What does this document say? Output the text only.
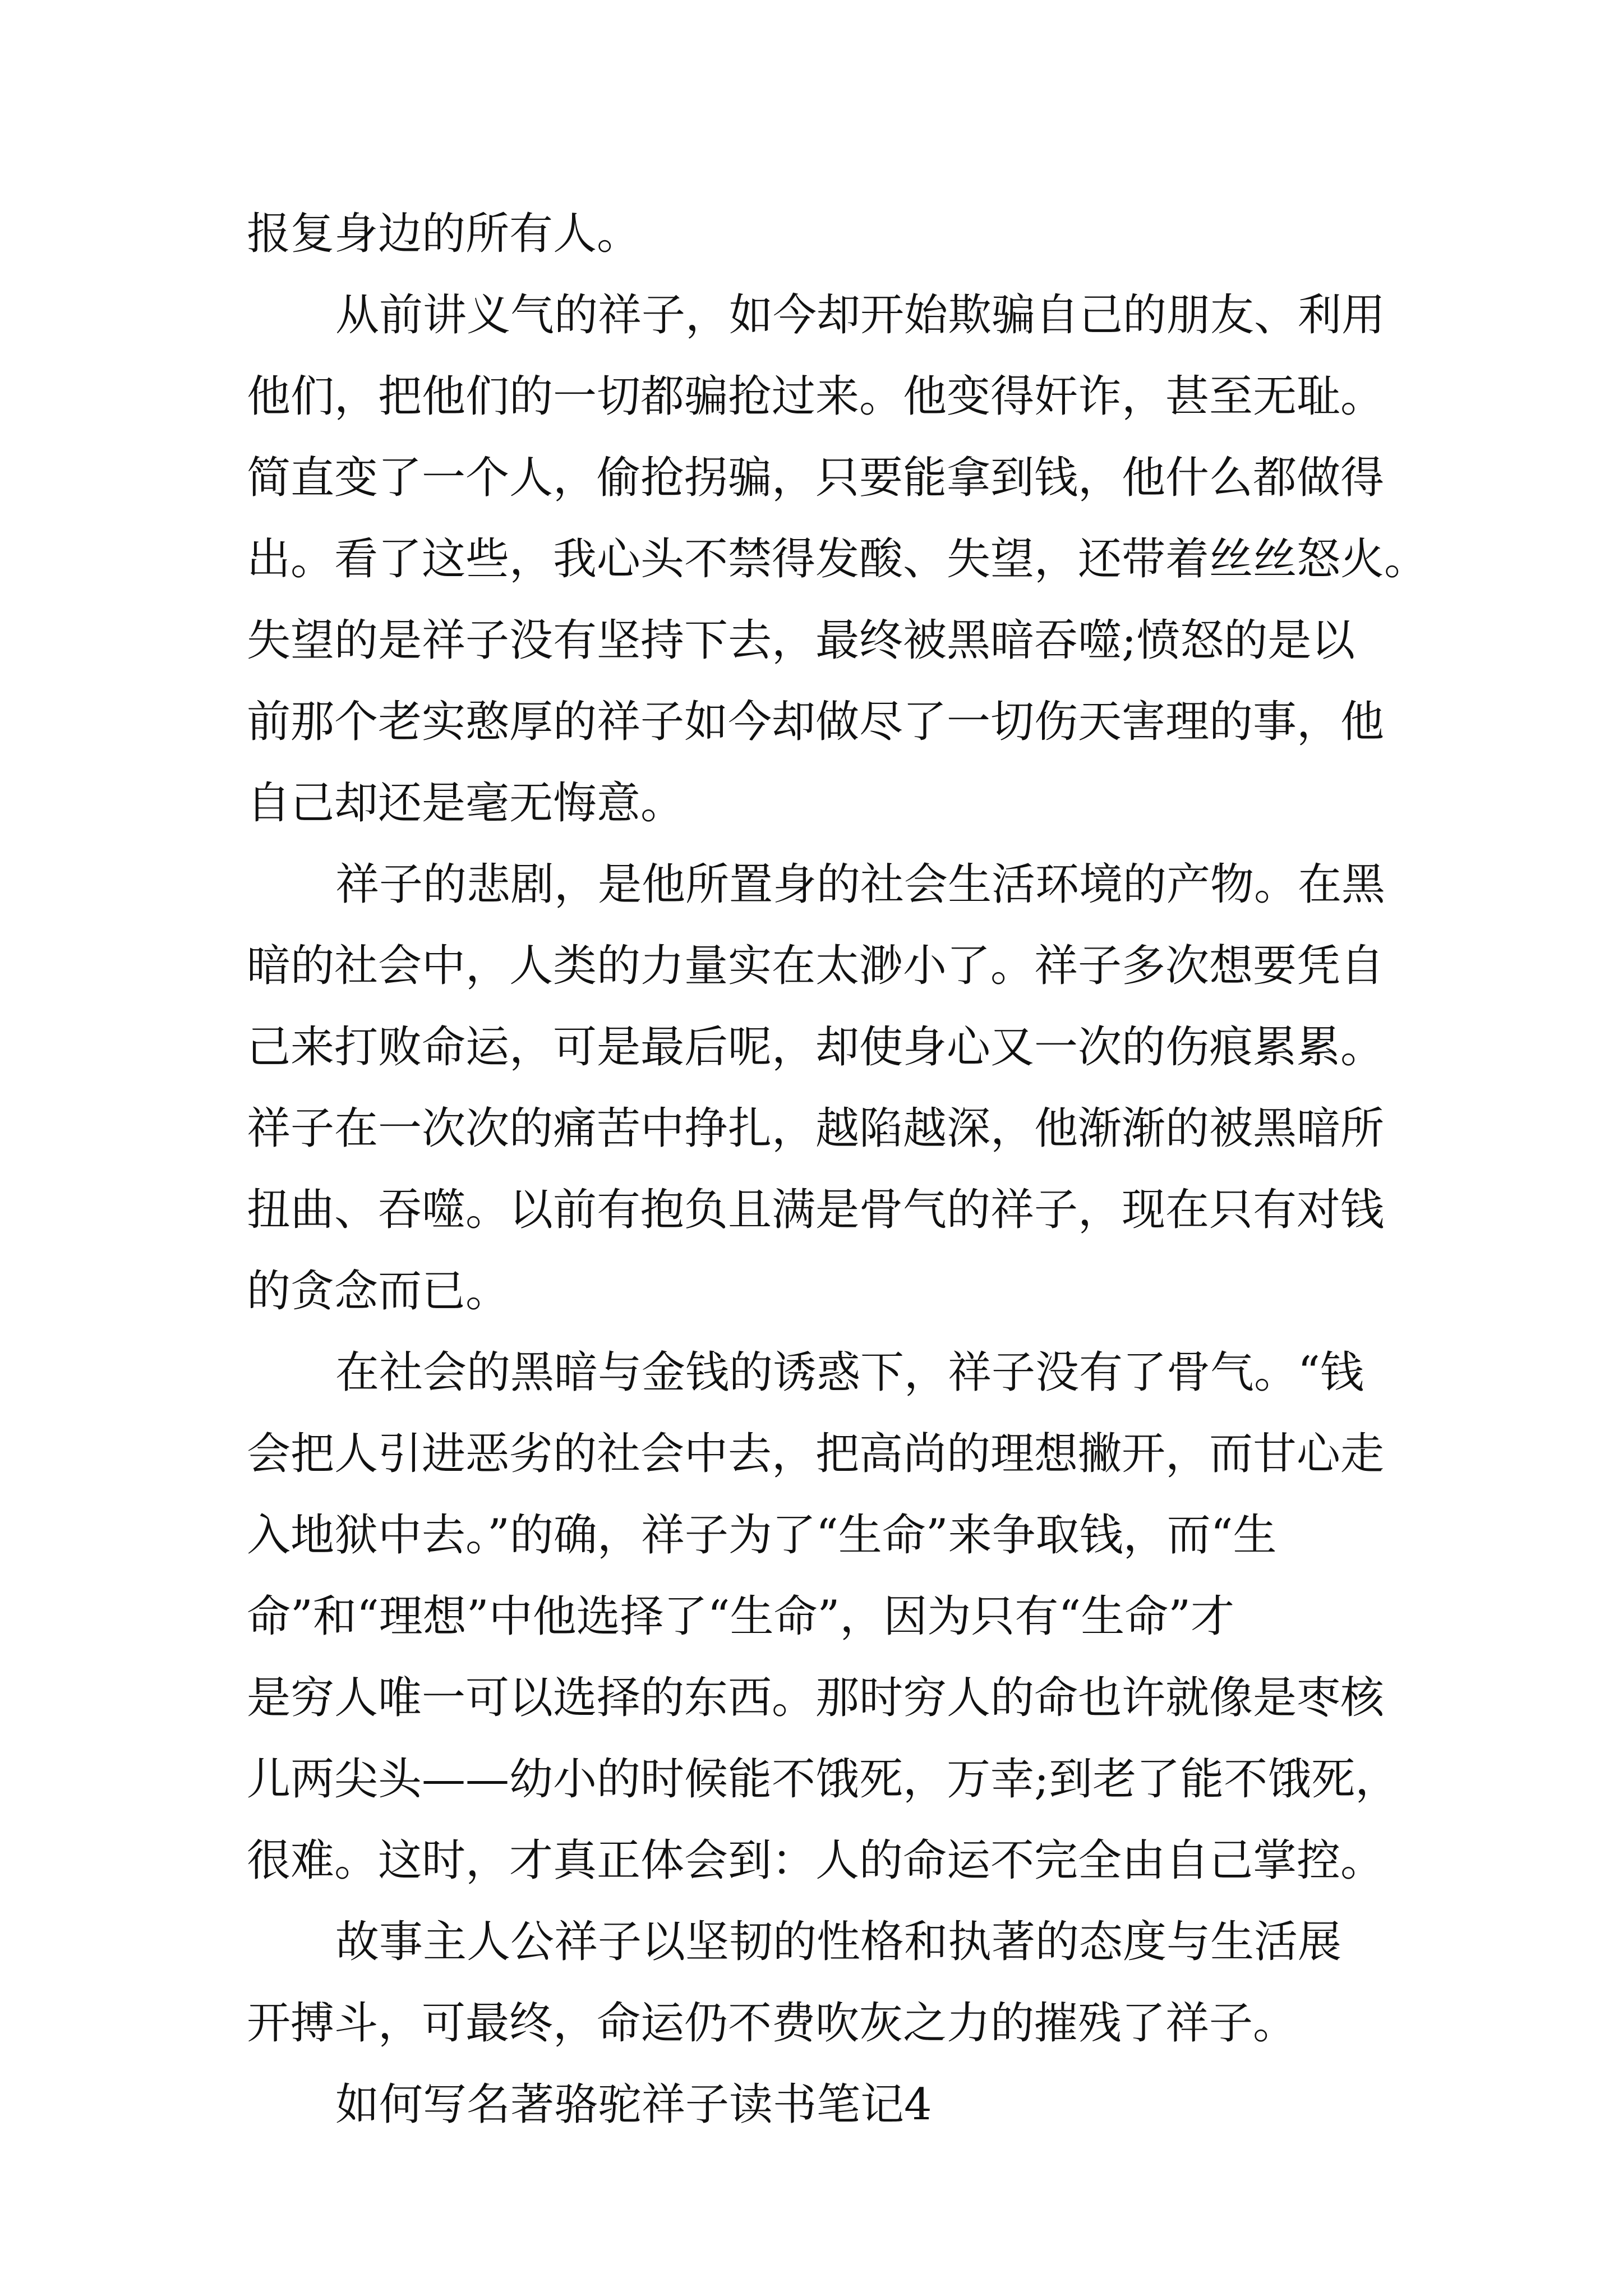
报复身边的所有人。
从前讲义气的祥子，如今却开始欺骗自己的朋友、利用
他们，把他们的一切都骗抢过来。他变得奸诈，甚至无耻。
简直变了一个人，偷抢拐骗，只要能拿到钱，他什么都做得
出。看了这些，我心头不禁得发酸、失望，还带着丝丝怒火。
失望的是祥子没有坚持下去，最终被黑暗吞噬;愤怒的是以
前那个老实憨厚的祥子如今却做尽了一切伤天害理的事，他
自己却还是毫无悔意。
祥子的悲剧，是他所置身的社会生活环境的产物。在黑
暗的社会中，人类的力量实在太渺小了。祥子多次想要凭自
己来打败命运，可是最后呢，却使身心又一次的伤痕累累。
祥子在一次次的痛苦中挣扎，越陷越深，他渐渐的被黑暗所
扭曲、吞噬。以前有抱负且满是骨气的祥子，现在只有对钱
的贪念而已。
在社会的黑暗与金钱的诱惑下，祥子没有了骨气。“钱
会把人引进恶劣的社会中去，把高尚的理想撇开，而甘心走
入地狱中去。”的确，祥子为了“生命”来争取钱，而“生
命”和“理想”中他选择了“生命”，因为只有“生命”才
是穷人唯一可以选择的东西。那时穷人的命也许就像是枣核
儿两尖头——幼小的时候能不饿死，万幸;到老了能不饿死，
很难。这时，才真正体会到：人的命运不完全由自己掌控。
故事主人公祥子以坚韧的性格和执著的态度与生活展
开搏斗，可最终，命运仍不费吹灰之力的摧残了祥子。
如何写名著骆驼祥子读书笔记4
